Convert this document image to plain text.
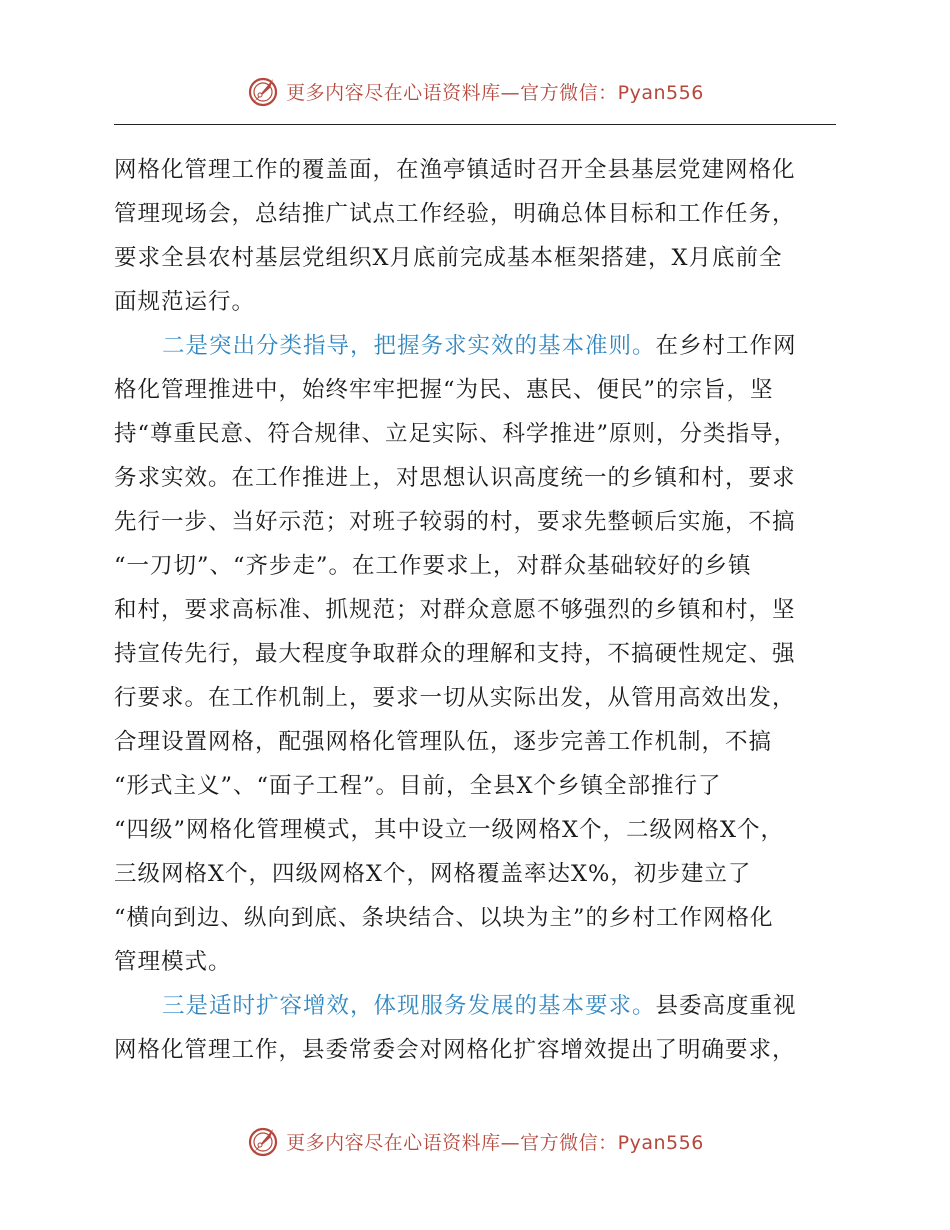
更多内容尽在心语资料库—官方微信：Pyan556
网格化管理工作的覆盖面，在渔亭镇适时召开全县基层党建网格化
管理现场会，总结推广试点工作经验，明确总体目标和工作任务，
要求全县农村基层党组织X月底前完成基本框架搭建，X月底前全
面规范运行。
二是突出分类指导，把握务求实效的基本准则。在乡村工作网
格化管理推进中，始终牢牢把握“为民、惠民、便民”的宗旨，坚
持“尊重民意、符合规律、立足实际、科学推进”原则，分类指导，
务求实效。在工作推进上，对思想认识高度统一的乡镇和村，要求
先行一步、当好示范；对班子较弱的村，要求先整顿后实施，不搞
“一刀切”、“齐步走”。在工作要求上，对群众基础较好的乡镇
和村，要求高标准、抓规范；对群众意愿不够强烈的乡镇和村，坚
持宣传先行，最大程度争取群众的理解和支持，不搞硬性规定、强
行要求。在工作机制上，要求一切从实际出发，从管用高效出发，
合理设置网格，配强网格化管理队伍，逐步完善工作机制，不搞
“形式主义”、“面子工程”。目前，全县X个乡镇全部推行了
“四级”网格化管理模式，其中设立一级网格X个，二级网格X个，
三级网格X个，四级网格X个，网格覆盖率达X%，初步建立了
“横向到边、纵向到底、条块结合、以块为主”的乡村工作网格化
管理模式。
三是适时扩容增效，体现服务发展的基本要求。县委高度重视
网格化管理工作，县委常委会对网格化扩容增效提出了明确要求，
更多内容尽在心语资料库—官方微信：Pyan556
